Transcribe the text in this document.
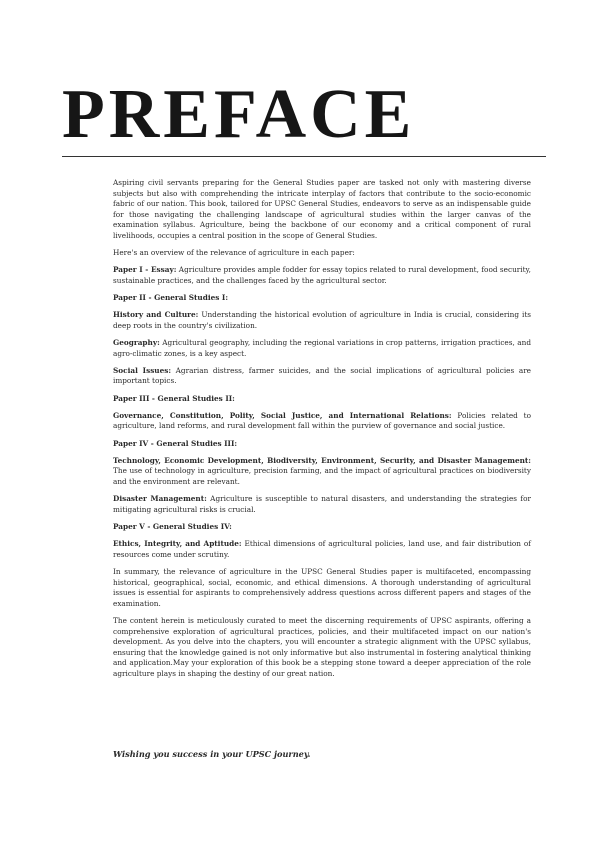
PREFACE

Aspiring civil servants preparing for the General Studies paper are tasked not only with mastering diverse subjects but also with comprehending the intricate interplay of factors that contribute to the socio-economic fabric of our nation. This book, tailored for UPSC General Studies, endeavors to serve as an indispensable guide for those navigating the challenging landscape of agricultural studies within the larger canvas of the examination syllabus. Agriculture, being the backbone of our economy and a critical component of rural livelihoods, occupies a central position in the scope of General Studies.

Here's an overview of the relevance of agriculture in each paper:

Paper I - Essay: Agriculture provides ample fodder for essay topics related to rural development, food security, sustainable practices, and the challenges faced by the agricultural sector.

Paper II - General Studies I:

History and Culture: Understanding the historical evolution of agriculture in India is crucial, considering its deep roots in the country's civilization.

Geography: Agricultural geography, including the regional variations in crop patterns, irrigation practices, and agro-climatic zones, is a key aspect.

Social Issues: Agrarian distress, farmer suicides, and the social implications of agricultural policies are important topics.

Paper III - General Studies II:

Governance, Constitution, Polity, Social Justice, and International Relations: Policies related to agriculture, land reforms, and rural development fall within the purview of governance and social justice.

Paper IV - General Studies III:

Technology, Economic Development, Biodiversity, Environment, Security, and Disaster Management: The use of technology in agriculture, precision farming, and the impact of agricultural practices on biodiversity and the environment are relevant.

Disaster Management: Agriculture is susceptible to natural disasters, and understanding the strategies for mitigating agricultural risks is crucial.

Paper V - General Studies IV:

Ethics, Integrity, and Aptitude: Ethical dimensions of agricultural policies, land use, and fair distribution of resources come under scrutiny.

In summary, the relevance of agriculture in the UPSC General Studies paper is multifaceted, encompassing historical, geographical, social, economic, and ethical dimensions. A thorough understanding of agricultural issues is essential for aspirants to comprehensively address questions across different papers and stages of the examination.

The content herein is meticulously curated to meet the discerning requirements of UPSC aspirants, offering a comprehensive exploration of agricultural practices, policies, and their multifaceted impact on our nation's development. As you delve into the chapters, you will encounter a strategic alignment with the UPSC syllabus, ensuring that the knowledge gained is not only informative but also instrumental in fostering analytical thinking and application.May your exploration of this book be a stepping stone toward a deeper appreciation of the role agriculture plays in shaping the destiny of our great nation.

Wishing you success in your UPSC journey.
